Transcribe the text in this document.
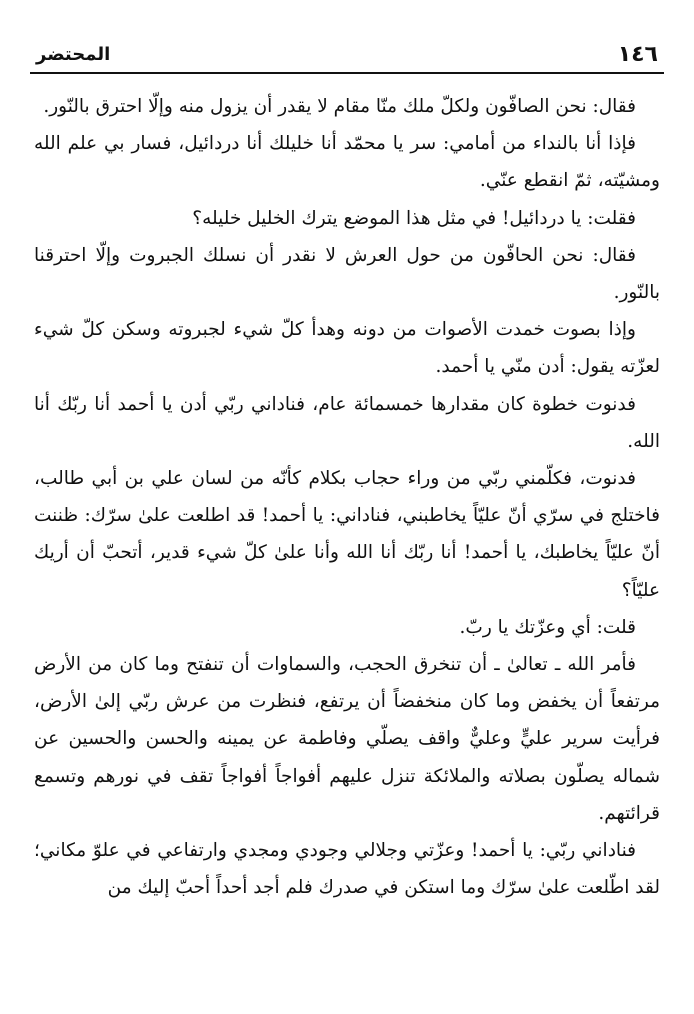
١٤٦
المحتضر

فقال: نحن الصافّون ولكلّ ملك منّا مقام لا يقدر أن يزول منه وإلّا احترق بالنّور.

فإذا أنا بالنداء من أمامي: سر يا محمّد أنا خليلك أنا دردائيل، فسار بي علم الله ومشيّته، ثمّ انقطع عنّي.

فقلت: يا دردائيل! في مثل هذا الموضع يترك الخليل خليله؟

فقال: نحن الحافّون من حول العرش لا نقدر أن نسلك الجبروت وإلّا احترقنا بالنّور.

وإذا بصوت خمدت الأصوات من دونه وهدأ كلّ شيء لجبروته وسكن كلّ شيء لعزّته يقول: أدن منّي يا أحمد.

فدنوت خطوة كان مقدارها خمسمائة عام، فناداني ربّي أدن يا أحمد أنا ربّك أنا الله.

فدنوت، فكلّمني ربّي من وراء حجاب بكلام كأنّه من لسان علي بن أبي طالب، فاختلج في سرّي أنّ عليّاً يخاطبني، فناداني: يا أحمد! قد اطلعت علىٰ سرّك: ظننت أنّ عليّاً يخاطبك، يا أحمد! أنا ربّك أنا الله وأنا علىٰ كلّ شيء قدير، أتحبّ أن أريك عليّاً؟

قلت: أي وعزّتك يا ربّ.

فأمر الله ـ تعالىٰ ـ أن تنخرق الحجب، والسماوات أن تنفتح وما كان من الأرض مرتفعاً أن يخفض وما كان منخفضاً أن يرتفع، فنظرت من عرش ربّي إلىٰ الأرض، فرأيت سرير عليٍّ وعليٌّ واقف يصلّي وفاطمة عن يمينه والحسن والحسين عن شماله يصلّون بصلاته والملائكة تنزل عليهم أفواجاً أفواجاً تقف في نورهم وتسمع قرائتهم.

فناداني ربّي: يا أحمد! وعزّتي وجلالي وجودي ومجدي وارتفاعي في علوّ مكاني؛ لقد اطّلعت علىٰ سرّك وما استكن في صدرك فلم أجد أحداً أحبّ إليك من
